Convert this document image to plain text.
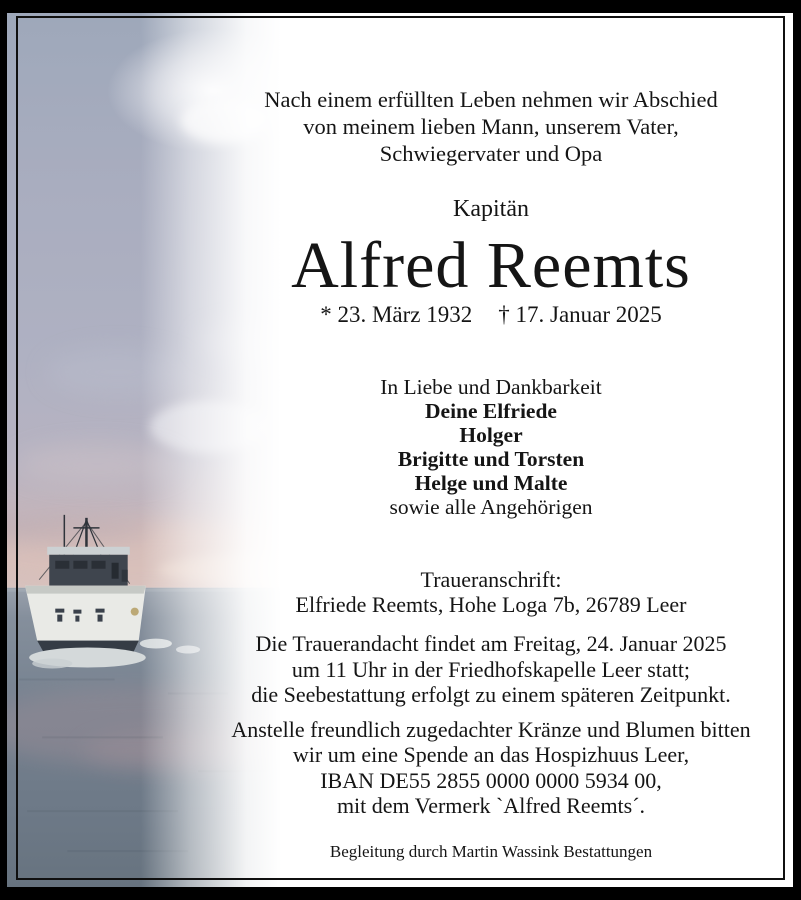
Nach einem erfüllten Leben nehmen wir Abschied
von meinem lieben Mann, unserem Vater,
Schwiegervater und Opa
Kapitän
Alfred Reemts
* 23. März 1932 † 17. Januar 2025
In Liebe und Dankbarkeit
Deine Elfriede
Holger
Brigitte und Torsten
Helge und Malte
sowie alle Angehörigen
Traueranschrift:
Elfriede Reemts, Hohe Loga 7b, 26789 Leer
Die Trauerandacht findet am Freitag, 24. Januar 2025
um 11 Uhr in der Friedhofskapelle Leer statt;
die Seebestattung erfolgt zu einem späteren Zeitpunkt.
Anstelle freundlich zugedachter Kränze und Blumen bitten
wir um eine Spende an das Hospizhuus Leer,
IBAN DE55 2855 0000 0000 5934 00,
mit dem Vermerk `Alfred Reemts´.
Begleitung durch Martin Wassink Bestattungen
